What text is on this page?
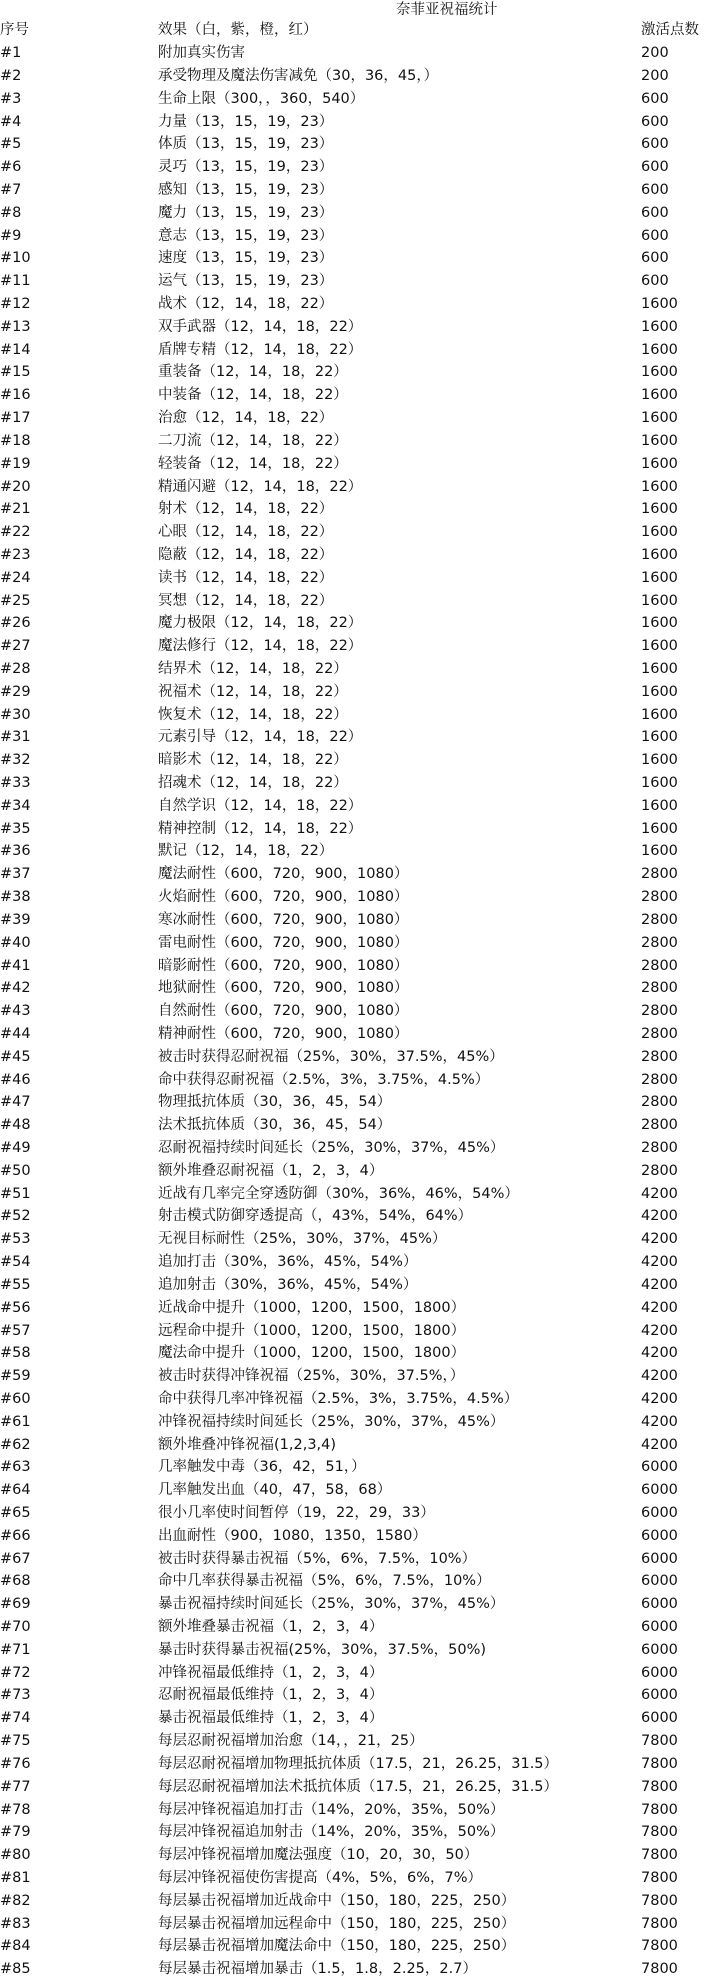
奈菲亚祝福统计
序号	效果（白，紫，橙，红）	激活点数
#1	附加真实伤害	200
#2	承受物理及魔法伤害减免（30，36，45，）	200
#3	生命上限（300，，360，540）	600
#4	力量（13，15，19，23）	600
#5	体质（13，15，19，23）	600
#6	灵巧（13，15，19，23）	600
#7	感知（13，15，19，23）	600
#8	魔力（13，15，19，23）	600
#9	意志（13，15，19，23）	600
#10	速度（13，15，19，23）	600
#11	运气（13，15，19，23）	600
#12	战术（12，14，18，22）	1600
#13	双手武器（12，14，18，22）	1600
#14	盾牌专精（12，14，18，22）	1600
#15	重装备（12，14，18，22）	1600
#16	中装备（12，14，18，22）	1600
#17	治愈（12，14，18，22）	1600
#18	二刀流（12，14，18，22）	1600
#19	轻装备（12，14，18，22）	1600
#20	精通闪避（12，14，18，22）	1600
#21	射术（12，14，18，22）	1600
#22	心眼（12，14，18，22）	1600
#23	隐蔽（12，14，18，22）	1600
#24	读书（12，14，18，22）	1600
#25	冥想（12，14，18，22）	1600
#26	魔力极限（12，14，18，22）	1600
#27	魔法修行（12，14，18，22）	1600
#28	结界术（12，14，18，22）	1600
#29	祝福术（12，14，18，22）	1600
#30	恢复术（12，14，18，22）	1600
#31	元素引导（12，14，18，22）	1600
#32	暗影术（12，14，18，22）	1600
#33	招魂术（12，14，18，22）	1600
#34	自然学识（12，14，18，22）	1600
#35	精神控制（12，14，18，22）	1600
#36	默记（12，14，18，22）	1600
#37	魔法耐性（600，720，900，1080）	2800
#38	火焰耐性（600，720，900，1080）	2800
#39	寒冰耐性（600，720，900，1080）	2800
#40	雷电耐性（600，720，900，1080）	2800
#41	暗影耐性（600，720，900，1080）	2800
#42	地狱耐性（600，720，900，1080）	2800
#43	自然耐性（600，720，900，1080）	2800
#44	精神耐性（600，720，900，1080）	2800
#45	被击时获得忍耐祝福（25%，30%，37.5%，45%）	2800
#46	命中获得忍耐祝福（2.5%，3%，3.75%，4.5%）	2800
#47	物理抵抗体质（30，36，45，54）	2800
#48	法术抵抗体质（30，36，45，54）	2800
#49	忍耐祝福持续时间延长（25%，30%，37%，45%）	2800
#50	额外堆叠忍耐祝福（1，2，3，4）	2800
#51	近战有几率完全穿透防御（30%，36%，46%，54%）	4200
#52	射击模式防御穿透提高（，43%，54%，64%）	4200
#53	无视目标耐性（25%，30%，37%，45%）	4200
#54	追加打击（30%，36%，45%，54%）	4200
#55	追加射击（30%，36%，45%，54%）	4200
#56	近战命中提升（1000，1200，1500，1800）	4200
#57	远程命中提升（1000，1200，1500，1800）	4200
#58	魔法命中提升（1000，1200，1500，1800）	4200
#59	被击时获得冲锋祝福（25%，30%，37.5%，）	4200
#60	命中获得几率冲锋祝福（2.5%，3%，3.75%，4.5%）	4200
#61	冲锋祝福持续时间延长（25%，30%，37%，45%）	4200
#62	额外堆叠冲锋祝福(1,2,3,4)	4200
#63	几率触发中毒（36，42，51，）	6000
#64	几率触发出血（40，47，58，68）	6000
#65	很小几率使时间暂停（19，22，29，33）	6000
#66	出血耐性（900，1080，1350，1580）	6000
#67	被击时获得暴击祝福（5%，6%，7.5%，10%）	6000
#68	命中几率获得暴击祝福（5%，6%，7.5%，10%）	6000
#69	暴击祝福持续时间延长（25%，30%，37%，45%）	6000
#70	额外堆叠暴击祝福（1，2，3，4）	6000
#71	暴击时获得暴击祝福(25%，30%，37.5%，50%)	6000
#72	冲锋祝福最低维持（1，2，3，4）	6000
#73	忍耐祝福最低维持（1，2，3，4）	6000
#74	暴击祝福最低维持（1，2，3，4）	6000
#75	每层忍耐祝福增加治愈（14，，21，25）	7800
#76	每层忍耐祝福增加物理抵抗体质（17.5，21，26.25，31.5）	7800
#77	每层忍耐祝福增加法术抵抗体质（17.5，21，26.25，31.5）	7800
#78	每层冲锋祝福追加打击（14%，20%，35%，50%）	7800
#79	每层冲锋祝福追加射击（14%，20%，35%，50%）	7800
#80	每层冲锋祝福增加魔法强度（10，20，30，50）	7800
#81	每层冲锋祝福使伤害提高（4%，5%，6%，7%）	7800
#82	每层暴击祝福增加近战命中（150，180，225，250）	7800
#83	每层暴击祝福增加远程命中（150，180，225，250）	7800
#84	每层暴击祝福增加魔法命中（150，180，225，250）	7800
#85	每层暴击祝福增加暴击（1.5，1.8，2.25，2.7）	7800
